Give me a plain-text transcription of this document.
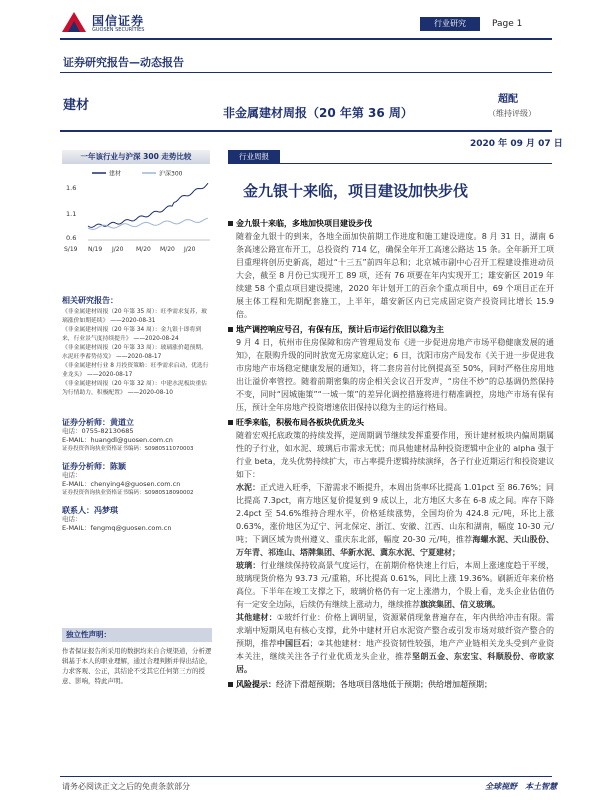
国信证券
GUOSEN SECURITIES
行业研究	Page 1
证券研究报告—动态报告
建材	非金属建材周报（20 年第 36 周）
超配
（维持评级）
2020 年 09 月 07 日
一年该行业与沪深 300 走势比较
建材	沪深300
1.6
1.1
0.6
S/19 N/19 J/20 M/20 M/20 J/20
相关研究报告：
《非金属建材周报（20 年第 35 周）：旺季需求复苏，玻璃涨价如期延续》 ——2020-08-31
《非金属建材周报（20 年第 34 周）：金九银十即将到来，行业景气度持续提升》 ——2020-08-24
《非金属建材周报（20 年第 33 周）：玻璃涨价超预期，水泥旺季蓄势待发》 ——2020-08-17
《非金属建材行业 8 月投资策略：旺季需求启动，优选行业龙头》 ——2020-08-17
《非金属建材周报（20 年第 32 周）：中建水泥板块重估为行情助力，积极配置》 ——2020-08-10
证券分析师：黄道立
电话：0755-82130685
E-MAIL：huangdl@guosen.com.cn
证券投资咨询执业资格证书编码：S0980511070003
证券分析师：陈颖
电话：
E-MAIL：chenying4@guosen.com.cn
证券投资咨询执业资格证书编码：S0980518090002
联系人：冯梦琪
电话：
E-MAIL：fengmq@guosen.com.cn
独立性声明：
作者保证报告所采用的数据均来自合规渠道，分析逻辑基于本人的职业理解，通过合理判断并得出结论，力求客观、公正，其结论不受其它任何第三方的授意、影响，特此声明。
行业周报
金九银十来临，项目建设加快步伐
金九银十来临，多地加快项目建设步伐
随着金九银十的到来，各地全面加快前期工作进度和施工建设进度。8 月 31 日，湖南 6 条高速公路宣布开工，总投资约 714 亿，确保全年开工高速公路达 15 条。全年新开工项目重理将创历史新高，超过“十三五”前四年总和；北京城市副中心召开工程建设推进动员大会，截至 8 月份已实现开工 89 项，还有 76 项要在年内实现开工；雄安新区 2019 年续建 58 个重点项目建设提速，2020 年计划开工的百余个重点项目中，69 个项目正在开展主体工程和先期配套施工，上半年，雄安新区内已完成固定资产投资同比增长 15.9 倍。
地产调控响应号召，有保有压，预计后市运行依旧以稳为主
9 月 4 日，杭州市住房保障和房产管理局发布《进一步促进房地产市场平稳健康发展的通知》，在限购升级的同时放宽无房家庭认定；6 日，沈阳市房产局发布《关于进一步促进我市房地产市场稳定健康发展的通知》，将二套房首付比例提高至 50%，同时严格住房用地出让溢价率管控。随着前期密集的房企相关会议召开发声，“房住不炒”的总基调仍然保持不变，同时“因城施策”“一城一策”的差异化调控措施将进行精准调控，房地产市场有保有压，预计全年房地产投资增速依旧保持以稳为主的运行格局。
旺季来临，积极布局各板块优质龙头
随着宏观托底政策的持续发挥，逆周期调节继续发挥重要作用，预计建材板块内偏周期属性的子行业，如水泥、玻璃后市需求无忧；而具他建材品种投资逻辑中企业的 alpha 强于行业 beta，龙头优势持续扩大，市占率提升逻辑持续演绎，各子行业近期运行和投资建议如下：
水泥：正式进入旺季，下游需求不断提升，本周出货率环比提高 1.01pct 至 86.76%；同比提高 7.3pct，南方地区复价提复到 9 成以上，北方地区大多在 6-8 成之间。库存下降 2.4pct 至 54.6%维持合理水平，价格延续涨势，全国均价为 424.8 元/吨，环比上涨 0.63%，涨价地区为辽宁、河北保定、浙江、安徽、江西、山东和湖南，幅度 10-30 元/吨；下调区域为贵州遵义、重庆东北部，幅度 20-30 元/吨，推荐海螺水泥、天山股份、万年青、祁连山、塔牌集团、华新水泥、冀东水泥、宁夏建材；
玻璃：行业继续保持较高景气度运行，在前期价格快速上行后，本周上涨速度趋于平缓，玻璃现货价格为 93.73 元/重箱，环比提高 0.61%，同比上涨 19.36%。刷新近年来价格高位。下半年在竣工支撑之下，玻璃价格仍有一定上涨潜力，个股上看，龙头企业估值仍有一定安全边际，后续仍有继续上涨动力，继续推荐旗滨集团、信义玻璃。
其他建材：①玻纤行业：价格上调明显，资源紧俏现象普遍存在，年内供给冲击有限。需求端中短期风电有核心支撑，此外中建材开启水泥资产整合或引发市场对玻纤资产整合的预期，推荐中国巨石；②其他建材：地产投资韧性较强，地产产业链相关龙头受到产业资本关注，继续关注各子行业优质龙头企业，推荐坚朗五金、东宏宝、科顺股份、帝欧家居。
风险提示：经济下滑超预期；各地项目落地低于预期；供给增加超预期；
请务必阅读正文之后的免责条款部分	全球视野　本土智慧
